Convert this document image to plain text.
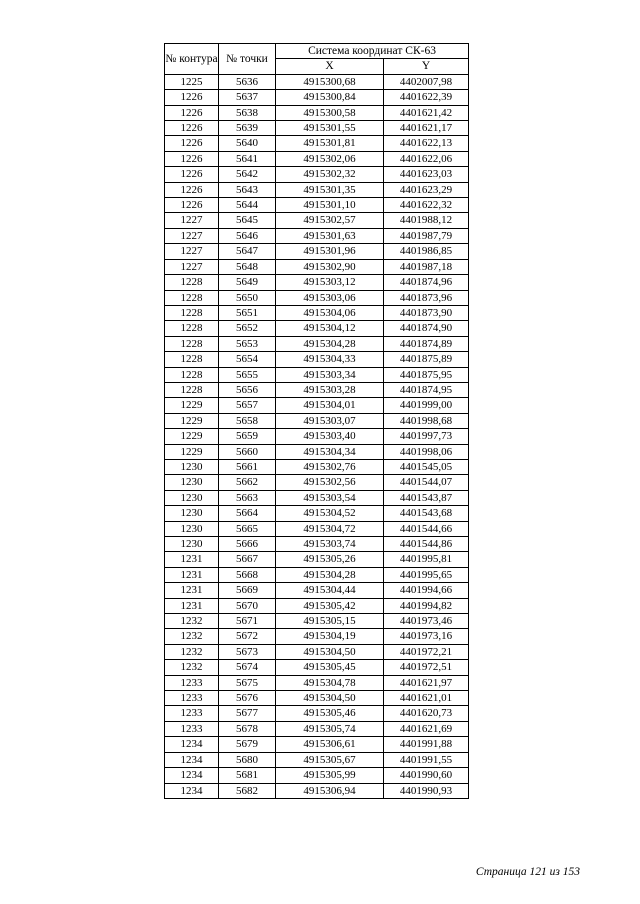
№ контура	№ точки	Система координат СК-63	
		X	Y
1225	5636	4915300,68	4402007,98
1226	5637	4915300,84	4401622,39
1226	5638	4915300,58	4401621,42
1226	5639	4915301,55	4401621,17
1226	5640	4915301,81	4401622,13
1226	5641	4915302,06	4401622,06
1226	5642	4915302,32	4401623,03
1226	5643	4915301,35	4401623,29
1226	5644	4915301,10	4401622,32
1227	5645	4915302,57	4401988,12
1227	5646	4915301,63	4401987,79
1227	5647	4915301,96	4401986,85
1227	5648	4915302,90	4401987,18
1228	5649	4915303,12	4401874,96
1228	5650	4915303,06	4401873,96
1228	5651	4915304,06	4401873,90
1228	5652	4915304,12	4401874,90
1228	5653	4915304,28	4401874,89
1228	5654	4915304,33	4401875,89
1228	5655	4915303,34	4401875,95
1228	5656	4915303,28	4401874,95
1229	5657	4915304,01	4401999,00
1229	5658	4915303,07	4401998,68
1229	5659	4915303,40	4401997,73
1229	5660	4915304,34	4401998,06
1230	5661	4915302,76	4401545,05
1230	5662	4915302,56	4401544,07
1230	5663	4915303,54	4401543,87
1230	5664	4915304,52	4401543,68
1230	5665	4915304,72	4401544,66
1230	5666	4915303,74	4401544,86
1231	5667	4915305,26	4401995,81
1231	5668	4915304,28	4401995,65
1231	5669	4915304,44	4401994,66
1231	5670	4915305,42	4401994,82
1232	5671	4915305,15	4401973,46
1232	5672	4915304,19	4401973,16
1232	5673	4915304,50	4401972,21
1232	5674	4915305,45	4401972,51
1233	5675	4915304,78	4401621,97
1233	5676	4915304,50	4401621,01
1233	5677	4915305,46	4401620,73
1233	5678	4915305,74	4401621,69
1234	5679	4915306,61	4401991,88
1234	5680	4915305,67	4401991,55
1234	5681	4915305,99	4401990,60
1234	5682	4915306,94	4401990,93
Страница 121 из 153
